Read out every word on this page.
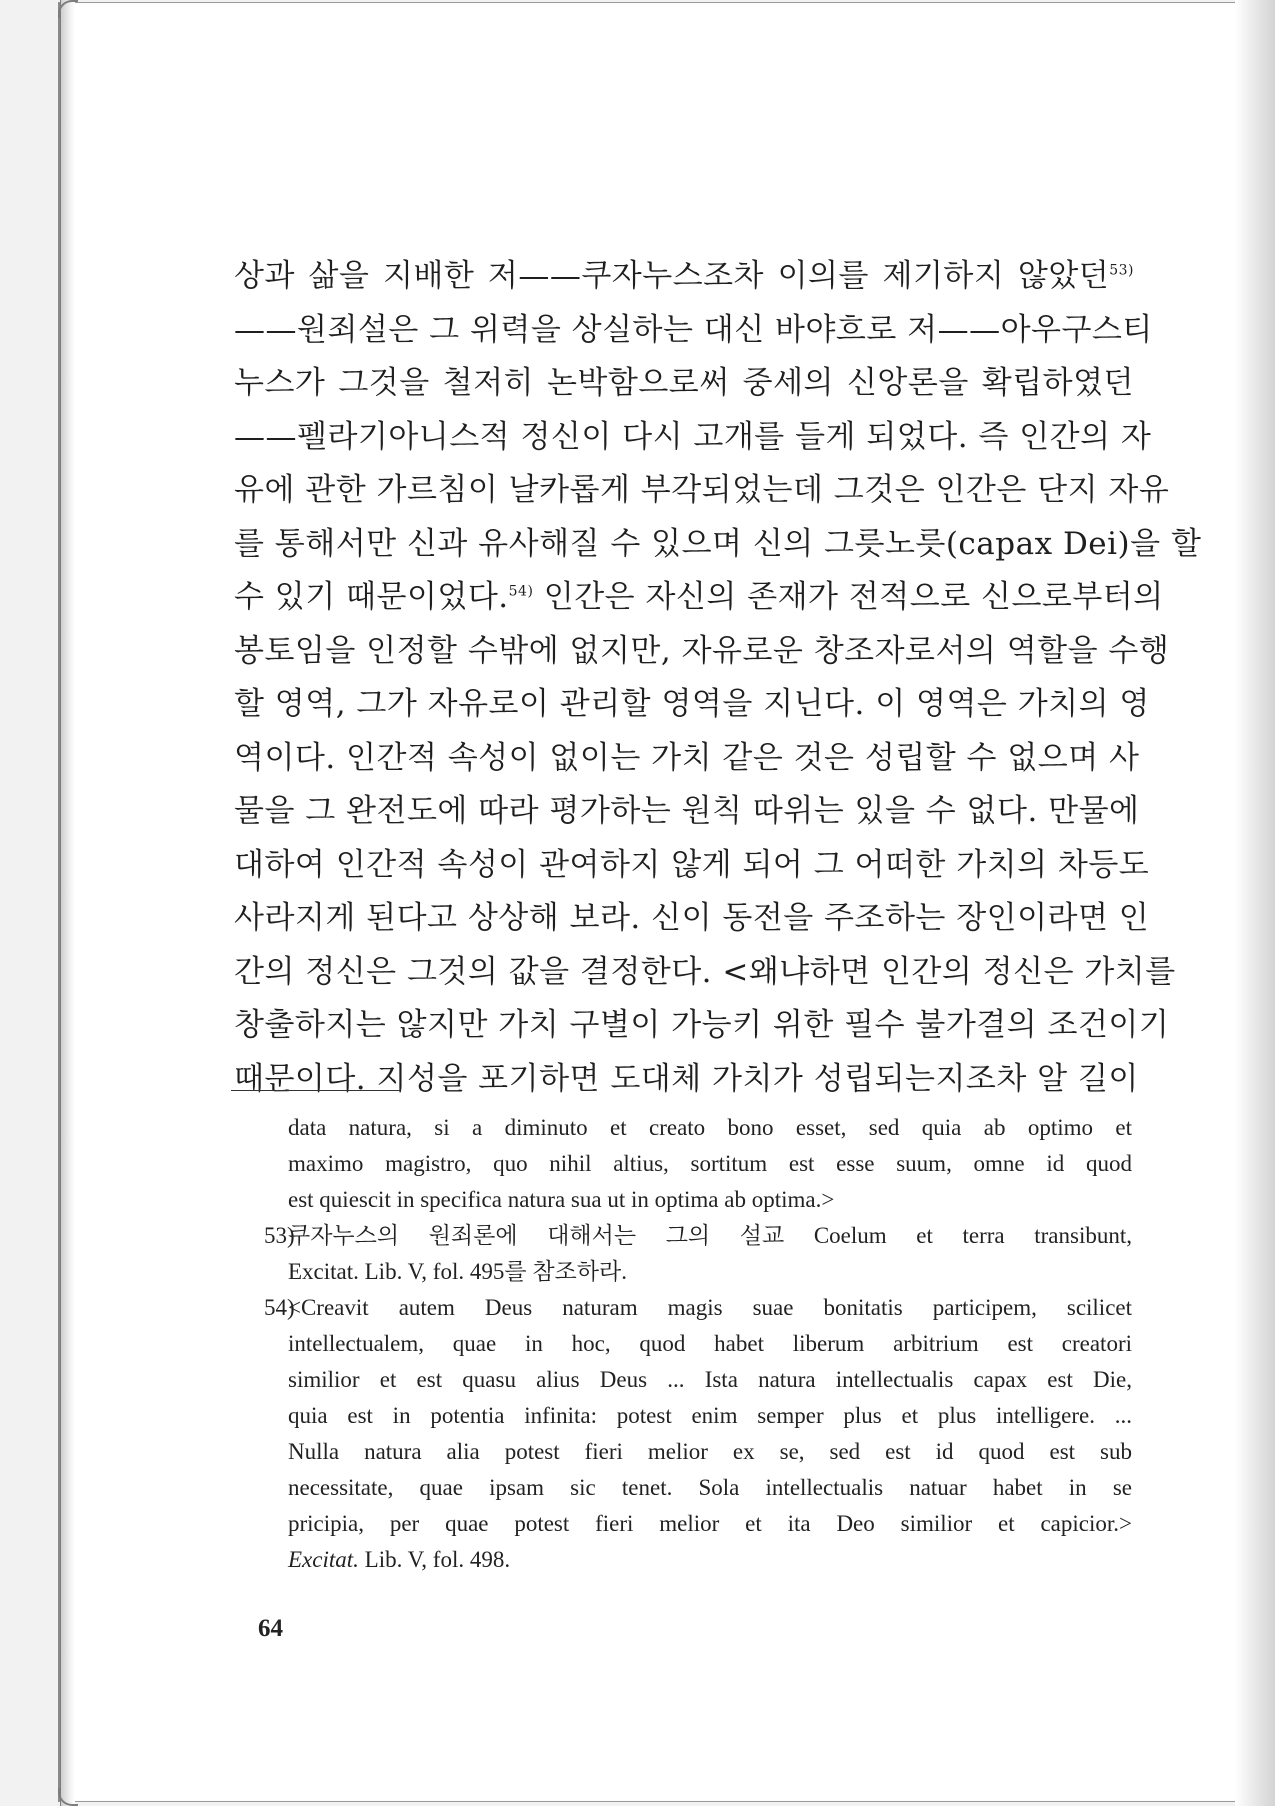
상과 삶을 지배한 저——쿠자누스조차 이의를 제기하지 않았던$^{53)}$
——원죄설은 그 위력을 상실하는 대신 바야흐로 저——아우구스티
누스가 그것을 철저히 논박함으로써 중세의 신앙론을 확립하였던
——펠라기아니스적 정신이 다시 고개를 들게 되었다. 즉 인간의 자
유에 관한 가르침이 날카롭게 부각되었는데 그것은 인간은 단지 자유
를 통해서만 신과 유사해질 수 있으며 신의 그릇노릇(capax Dei)을 할
수 있기 때문이었다.$^{54)}$ 인간은 자신의 존재가 전적으로 신으로부터의
봉토임을 인정할 수밖에 없지만, 자유로운 창조자로서의 역할을 수행
할 영역, 그가 자유로이 관리할 영역을 지닌다. 이 영역은 가치의 영
역이다. 인간적 속성이 없이는 가치 같은 것은 성립할 수 없으며 사
물을 그 완전도에 따라 평가하는 원칙 따위는 있을 수 없다. 만물에
대하여 인간적 속성이 관여하지 않게 되어 그 어떠한 가치의 차등도
사라지게 된다고 상상해 보라. 신이 동전을 주조하는 장인이라면 인
간의 정신은 그것의 값을 결정한다. <왜냐하면 인간의 정신은 가치를
창출하지는 않지만 가치 구별이 가능키 위한 필수 불가결의 조건이기
때문이다. 지성을 포기하면 도대체 가치가 성립되는지조차 알 길이
data natura, si a diminuto et creato bono esset, sed quia ab optimo et
maximo magistro, quo nihil altius, sortitum est esse suum, omne id quod
est quiescit in specifica natura sua ut in optima ab optima.>
53)
쿠자누스의 원죄론에 대해서는 그의 설교 Coelum et terra transibunt,
Excitat. Lib. V, fol. 495를 참조하라.
54)
<Creavit autem Deus naturam magis suae bonitatis participem, scilicet
intellectualem, quae in hoc, quod habet liberum arbitrium est creatori
similior et est quasu alius Deus ... Ista natura intellectualis capax est Die,
quia est in potentia infinita: potest enim semper plus et plus intelligere. ...
Nulla natura alia potest fieri melior ex se, sed est id quod est sub
necessitate, quae ipsam sic tenet. Sola intellectualis natuar habet in se
pricipia, per quae potest fieri melior et ita Deo similior et capicior.>
Excitat. Lib. V, fol. 498.
64
